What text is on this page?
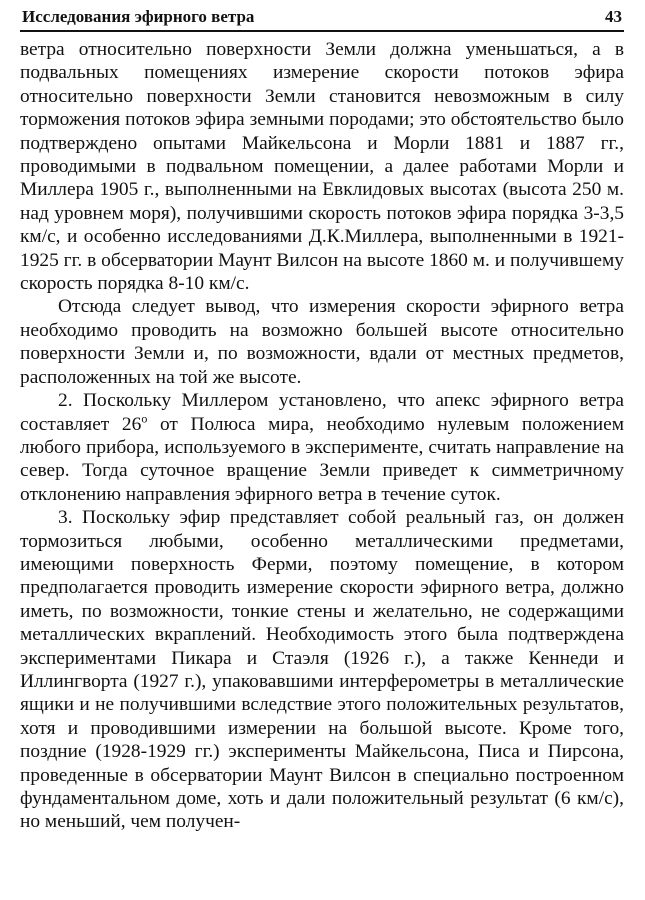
Исследования эфирного ветра	43

ветра относительно поверхности Земли должна уменьшаться, а в подвальных помещениях измерение скорости потоков эфира относительно поверхности Земли становится невозможным в силу торможения потоков эфира земными породами; это обстоятельство было подтверждено опытами Майкельсона и Морли 1881 и 1887 гг., проводимыми в подвальном помещении, а далее работами Морли и Миллера 1905 г., выполненными на Евклидовых высотах (высота 250 м. над уровнем моря), получившими скорость потоков эфира порядка 3-3,5 км/с, и особенно исследованиями Д.К.Миллера, выполненными в 1921-1925 гг. в обсерватории Маунт Вилсон на высоте 1860 м. и получившему скорость порядка 8-10 км/с.

Отсюда следует вывод, что измерения скорости эфирного ветра необходимо проводить на возможно большей высоте относительно поверхности Земли и, по возможности, вдали от местных предметов, расположенных на той же высоте.

2. Поскольку Миллером установлено, что апекс эфирного ветра составляет $26^о$ от Полюса мира, необходимо нулевым положением любого прибора, используемого в эксперименте, считать направление на север. Тогда суточное вращение Земли приведет к симметричному отклонению направления эфирного ветра в течение суток.

3. Поскольку эфир представляет собой реальный газ, он должен тормозиться любыми, особенно металлическими предметами, имеющими поверхность Ферми, поэтому помещение, в котором предполагается проводить измерение скорости эфирного ветра, должно иметь, по возможности, тонкие стены и желательно, не содержащими металлических вкраплений. Необходимость этого была подтверждена экспериментами Пикара и Стаэля (1926 г.), а также Кеннеди и Иллингворта (1927 г.), упаковавшими интерферометры в металлические ящики и не получившими вследствие этого положительных результатов, хотя и проводившими измерении на большой высоте. Кроме того, поздние (1928-1929 гг.) эксперименты Майкельсона, Писа и Пирсона, проведенные в обсерватории Маунт Вилсон в специально построенном фундаментальном доме, хоть и дали положительный результат (6 км/с), но меньший, чем получен-
